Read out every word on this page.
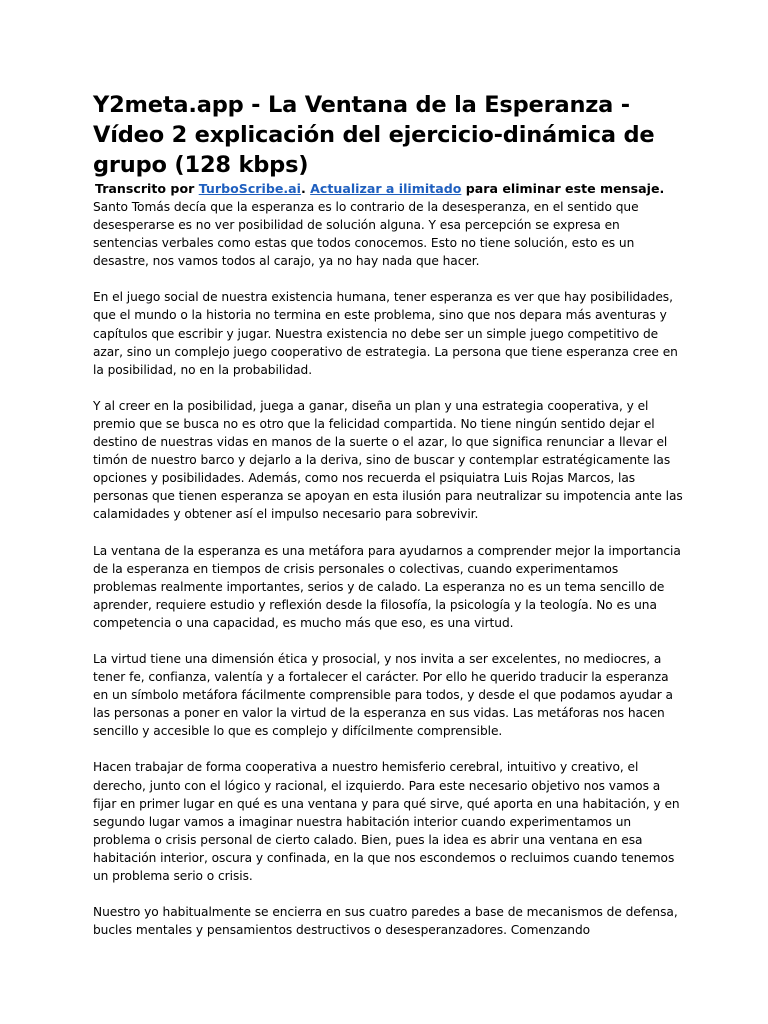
Y2meta.app - La Ventana de la Esperanza - Vídeo 2 explicación del ejercicio-dinámica de grupo (128 kbps)

Transcrito por TurboScribe.ai. Actualizar a ilimitado para eliminar este mensaje.

Santo Tomás decía que la esperanza es lo contrario de la desesperanza, en el sentido que desesperarse es no ver posibilidad de solución alguna. Y esa percepción se expresa en sentencias verbales como estas que todos conocemos. Esto no tiene solución, esto es un desastre, nos vamos todos al carajo, ya no hay nada que hacer.

En el juego social de nuestra existencia humana, tener esperanza es ver que hay posibilidades, que el mundo o la historia no termina en este problema, sino que nos depara más aventuras y capítulos que escribir y jugar. Nuestra existencia no debe ser un simple juego competitivo de azar, sino un complejo juego cooperativo de estrategia. La persona que tiene esperanza cree en la posibilidad, no en la probabilidad.

Y al creer en la posibilidad, juega a ganar, diseña un plan y una estrategia cooperativa, y el premio que se busca no es otro que la felicidad compartida. No tiene ningún sentido dejar el destino de nuestras vidas en manos de la suerte o el azar, lo que significa renunciar a llevar el timón de nuestro barco y dejarlo a la deriva, sino de buscar y contemplar estratégicamente las opciones y posibilidades. Además, como nos recuerda el psiquiatra Luis Rojas Marcos, las personas que tienen esperanza se apoyan en esta ilusión para neutralizar su impotencia ante las calamidades y obtener así el impulso necesario para sobrevivir.

La ventana de la esperanza es una metáfora para ayudarnos a comprender mejor la importancia de la esperanza en tiempos de crisis personales o colectivas, cuando experimentamos problemas realmente importantes, serios y de calado. La esperanza no es un tema sencillo de aprender, requiere estudio y reflexión desde la filosofía, la psicología y la teología. No es una competencia o una capacidad, es mucho más que eso, es una virtud.

La virtud tiene una dimensión ética y prosocial, y nos invita a ser excelentes, no mediocres, a tener fe, confianza, valentía y a fortalecer el carácter. Por ello he querido traducir la esperanza en un símbolo metáfora fácilmente comprensible para todos, y desde el que podamos ayudar a las personas a poner en valor la virtud de la esperanza en sus vidas. Las metáforas nos hacen sencillo y accesible lo que es complejo y difícilmente comprensible.

Hacen trabajar de forma cooperativa a nuestro hemisferio cerebral, intuitivo y creativo, el derecho, junto con el lógico y racional, el izquierdo. Para este necesario objetivo nos vamos a fijar en primer lugar en qué es una ventana y para qué sirve, qué aporta en una habitación, y en segundo lugar vamos a imaginar nuestra habitación interior cuando experimentamos un problema o crisis personal de cierto calado. Bien, pues la idea es abrir una ventana en esa habitación interior, oscura y confinada, en la que nos escondemos o recluimos cuando tenemos un problema serio o crisis.

Nuestro yo habitualmente se encierra en sus cuatro paredes a base de mecanismos de defensa, bucles mentales y pensamientos destructivos o desesperanzadores. Comenzando
